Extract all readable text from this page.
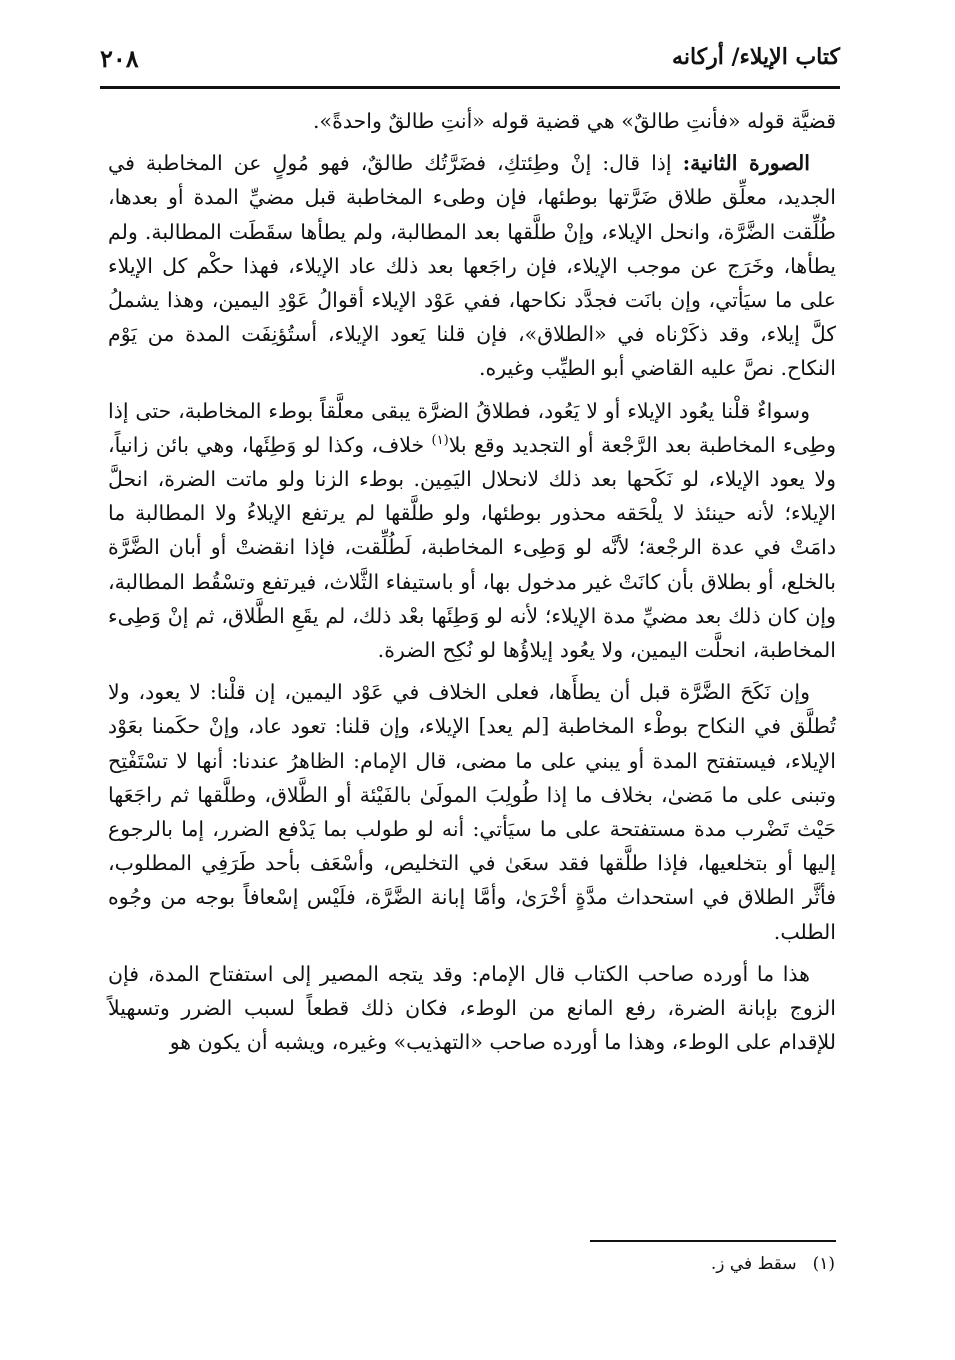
كتاب الإيلاء/ أركانه
٢٠٨

قضيَّة قوله «فأنتِ طالقٌ» هي قضية قوله «أنتِ طالقٌ واحدةً».

الصورة الثانية: إذا قال: إنْ وطِئتكِ، فضَرَّتُك طالقٌ، فهو مُولٍ عن المخاطبة في الجديد، معلِّق طلاق ضَرَّتها بوطئها، فإن وطىء المخاطبة قبل مضيِّ المدة أو بعدها، طُلِّقت الضَّرَّة، وانحل الإيلاء، وإنْ طلَّقها بعد المطالبة، ولم يطأها سقَطَت المطالبة. ولم يطأها، وخَرَج عن موجب الإيلاء، فإن راجَعها بعد ذلك عاد الإيلاء، فهذا حكْم كل الإيلاء على ما سيَأتي، وإن بانَت فجدَّد نكاحها، ففي عَوْد الإيلاء أقوالُ عَوْدِ اليمين، وهذا يشملُ كلَّ إيلاء، وقد ذكَرْناه في «الطلاق»، فإن قلنا يَعود الإيلاء، أستُؤنِفَت المدة من يَوْم النكاح. نصَّ عليه القاضي أبو الطيِّب وغيره.

وسواءٌ قلْنا يعُود الإيلاء أو لا يَعُود، فطلاقُ الضرَّة يبقى معلَّقاً بوطء المخاطبة، حتى إذا وطِىء المخاطبة بعد الرَّجْعة أو التجديد وقع بلا$^{(١)}$ خلاف، وكذا لو وَطِئَها، وهي بائن زانياً، ولا يعود الإيلاء، لو نَكَحها بعد ذلك لانحلال اليَمِين. بوطء الزنا ولو ماتت الضرة، انحلَّ الإيلاء؛ لأنه حينئذ لا يلْحَقه محذور بوطئها، ولو طلَّقها لم يرتفع الإيلاءُ ولا المطالبة ما دامَتْ في عدة الرجْعة؛ لأنَّه لو وَطِىء المخاطبة، لَطُلِّقت، فإذا انقضتْ أو أبان الضَّرَّة بالخلع، أو بطلاق بأن كانَتْ غير مدخول بها، أو باستيفاء الثَّلاث، فيرتفع وتسْقُط المطالبة، وإن كان ذلك بعد مضيِّ مدة الإيلاء؛ لأنه لو وَطِئَها بعْد ذلك، لم يقَعِ الطَّلاق، ثم إنْ وَطِىء المخاطبة، انحلَّت اليمين، ولا يعُود إيلاؤُها لو نُكِح الضرة.

وإن نَكَحَ الضَّرَّة قبل أن يطأَها، فعلى الخلاف في عَوْد اليمين، إن قلْنا: لا يعود، ولا تُطلَّق في النكاح بوطْء المخاطبة [لم يعد] الإيلاء، وإن قلنا: تعود عاد، وإنْ حكَمنا بعَوْد الإيلاء، فيستفتح المدة أو يبني على ما مضى، قال الإمام: الظاهرُ عندنا: أنها لا تسْتَفْتِح وتبنى على ما مَضىٰ، بخلاف ما إذا طُولِبَ المولَىٰ بالفَيْئة أو الطَّلاق، وطلَّقها ثم راجَعَها حَيْث تَضْرب مدة مستفتحة على ما سيَأتي: أنه لو طولب بما يَدْفع الضرر، إما بالرجوع إليها أو بتخلعيها، فإذا طلَّقها فقد سعَىٰ في التخليص، وأسْعَف بأحد طَرَفِي المطلوب، فأثَّر الطلاق في استحداث مدَّةٍ أخْرَىٰ، وأمَّا إبانة الضَّرَّة، فلَيْس إسْعافاً بوجه من وجُوه الطلب.

هذا ما أورده صاحب الكتاب قال الإمام: وقد يتجه المصير إلى استفتاح المدة، فإن الزوج بإبانة الضرة، رفع المانع من الوطء، فكان ذلك قطعاً لسبب الضرر وتسهيلاً للإقدام على الوطء، وهذا ما أورده صاحب «التهذيب» وغيره، ويشبه أن يكون هو

(١)سقط في ز.
